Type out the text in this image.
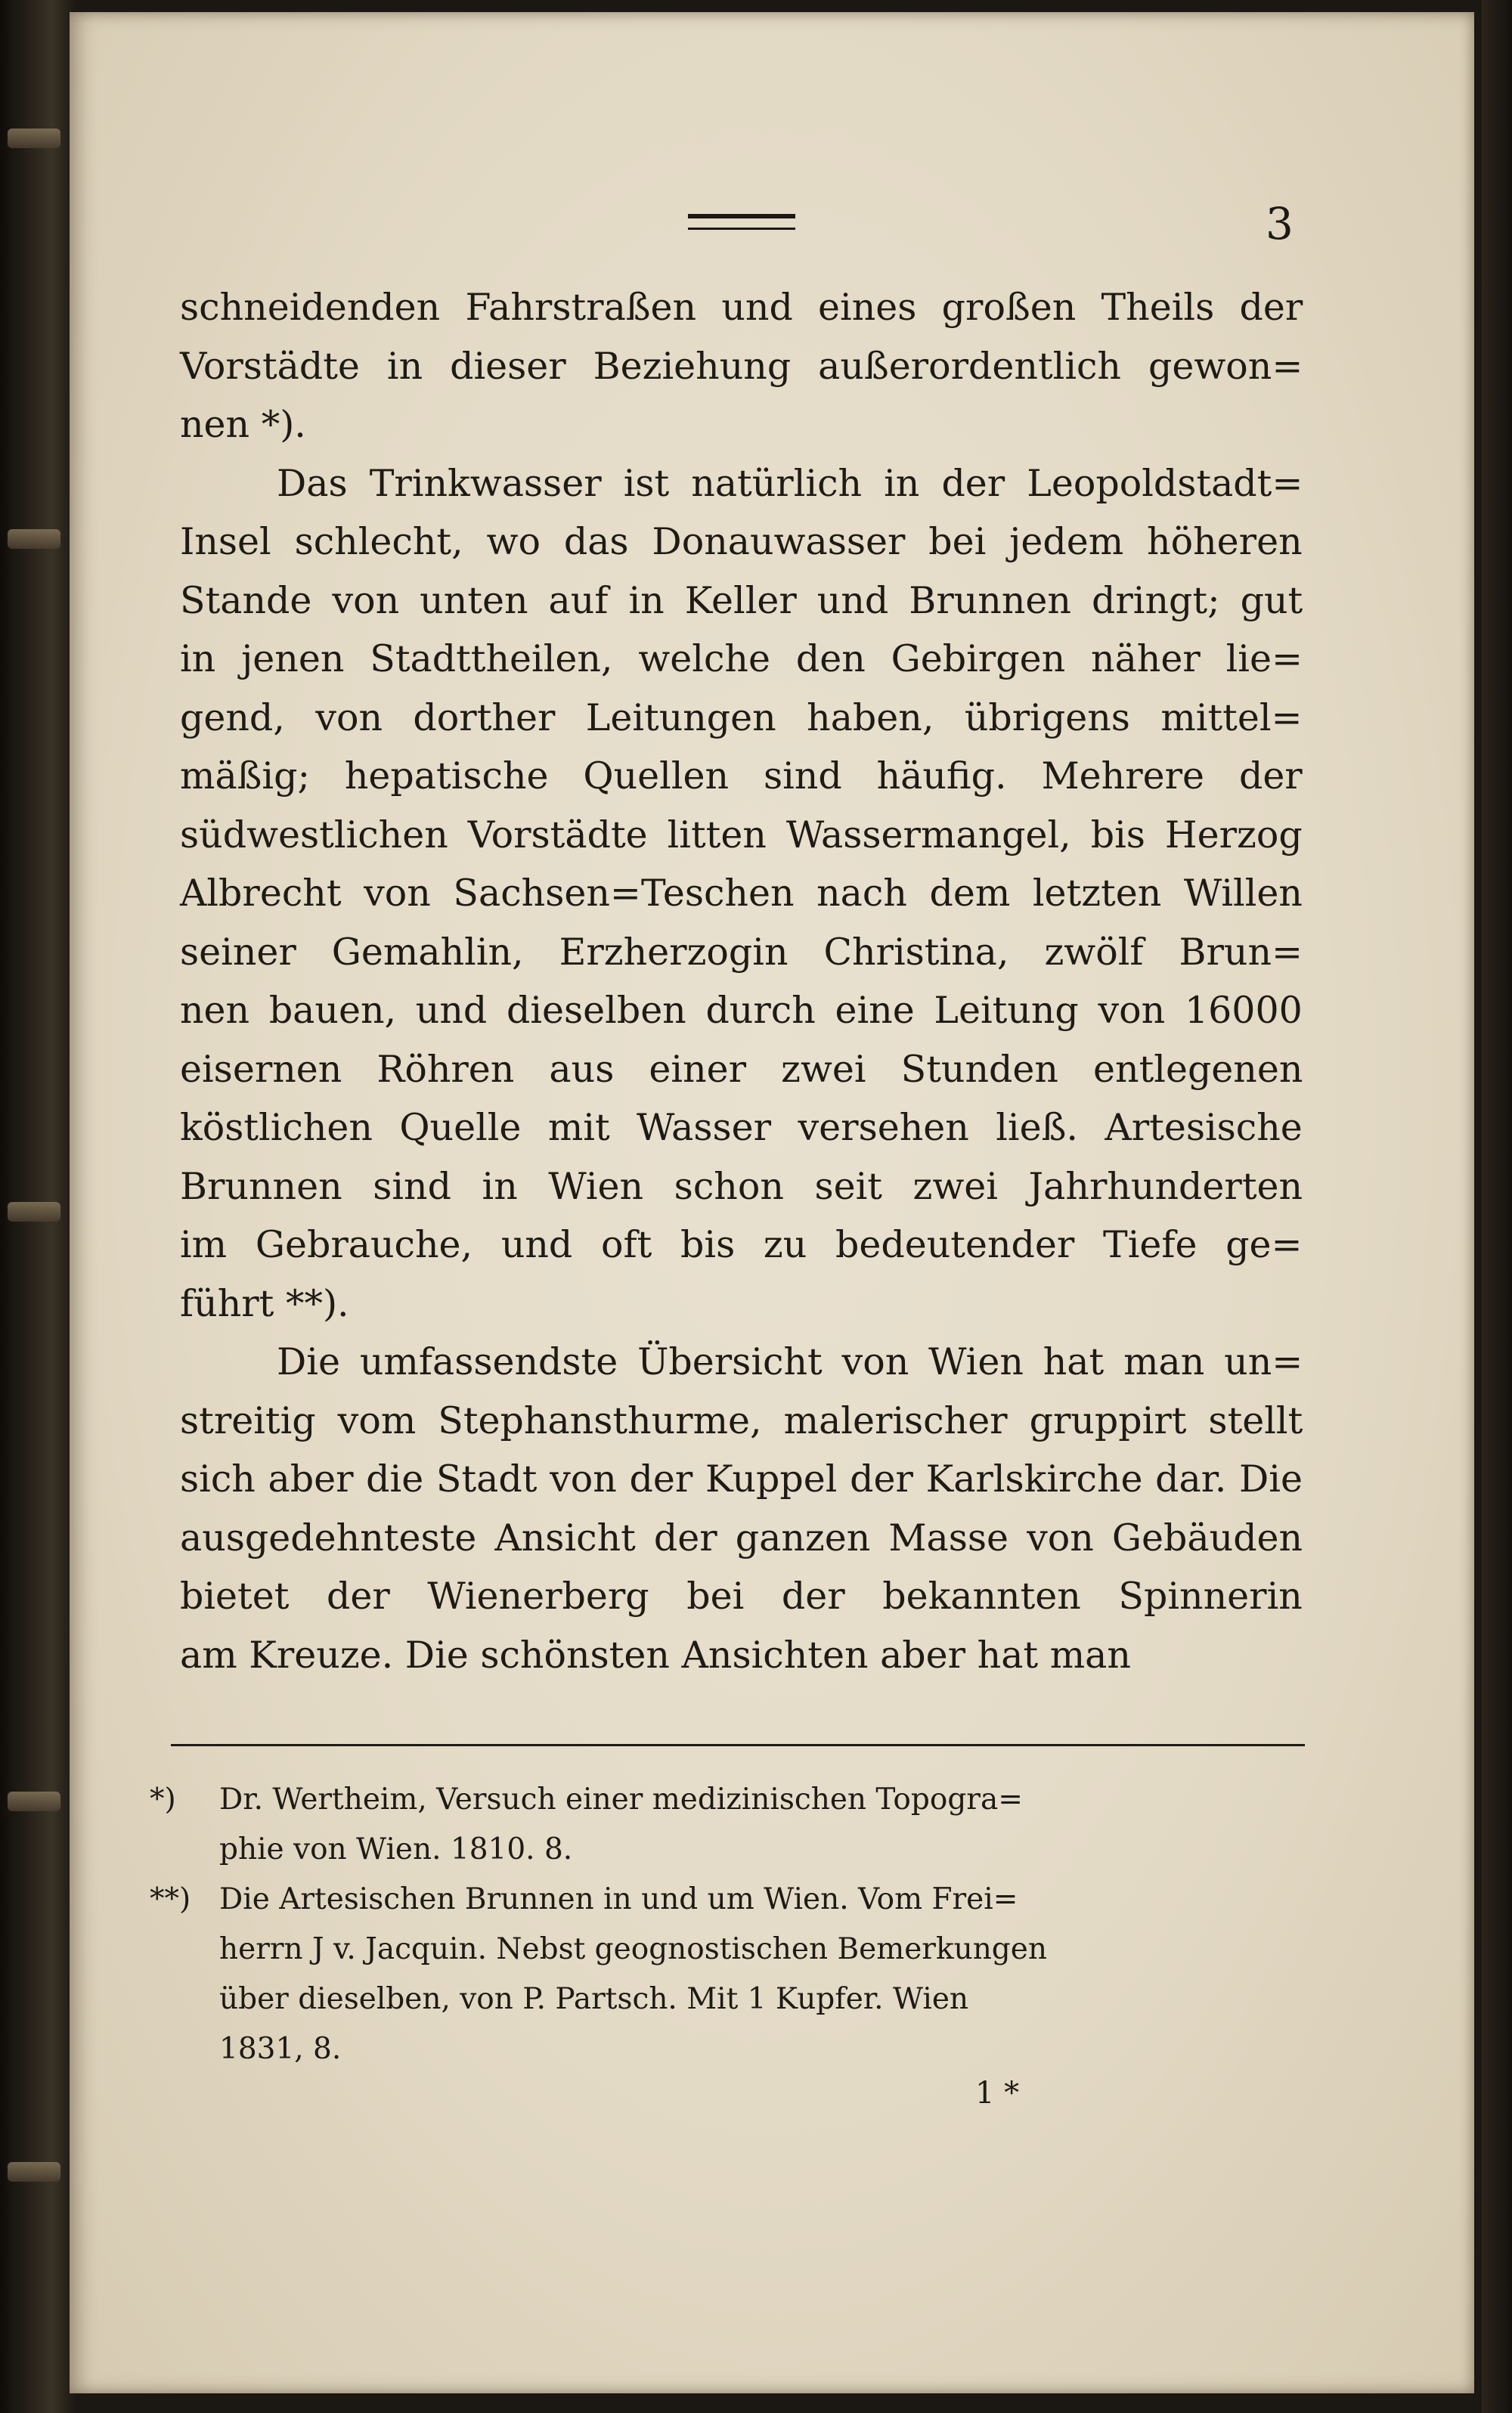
3
schneidenden Fahrstraßen und eines großen Theils der
Vorstädte in dieser Beziehung außerordentlich gewon=
nen *).
Das Trinkwasser ist natürlich in der Leopoldstadt=
Insel schlecht, wo das Donauwasser bei jedem höheren
Stande von unten auf in Keller und Brunnen dringt; gut
in jenen Stadttheilen, welche den Gebirgen näher lie=
gend, von dorther Leitungen haben, übrigens mittel=
mäßig; hepatische Quellen sind häufig. Mehrere der
südwestlichen Vorstädte litten Wassermangel, bis Herzog
Albrecht von Sachsen=Teschen nach dem letzten Willen
seiner Gemahlin, Erzherzogin Christina, zwölf Brun=
nen bauen, und dieselben durch eine Leitung von 16000
eisernen Röhren aus einer zwei Stunden entlegenen
köstlichen Quelle mit Wasser versehen ließ. Artesische
Brunnen sind in Wien schon seit zwei Jahrhunderten
im Gebrauche, und oft bis zu bedeutender Tiefe ge=
führt **).
Die umfassendste Übersicht von Wien hat man un=
streitig vom Stephansthurme, malerischer gruppirt stellt
sich aber die Stadt von der Kuppel der Karlskirche dar. Die
ausgedehnteste Ansicht der ganzen Masse von Gebäuden
bietet der Wienerberg bei der bekannten Spinnerin
am Kreuze. Die schönsten Ansichten aber hat man
*) Dr. Wertheim, Versuch einer medizinischen Topogra=
phie von Wien. 1810. 8.
**) Die Artesischen Brunnen in und um Wien. Vom Frei=
herrn J v. Jacquin. Nebst geognostischen Bemerkungen
über dieselben, von P. Partsch. Mit 1 Kupfer. Wien
1831, 8.
1 *
